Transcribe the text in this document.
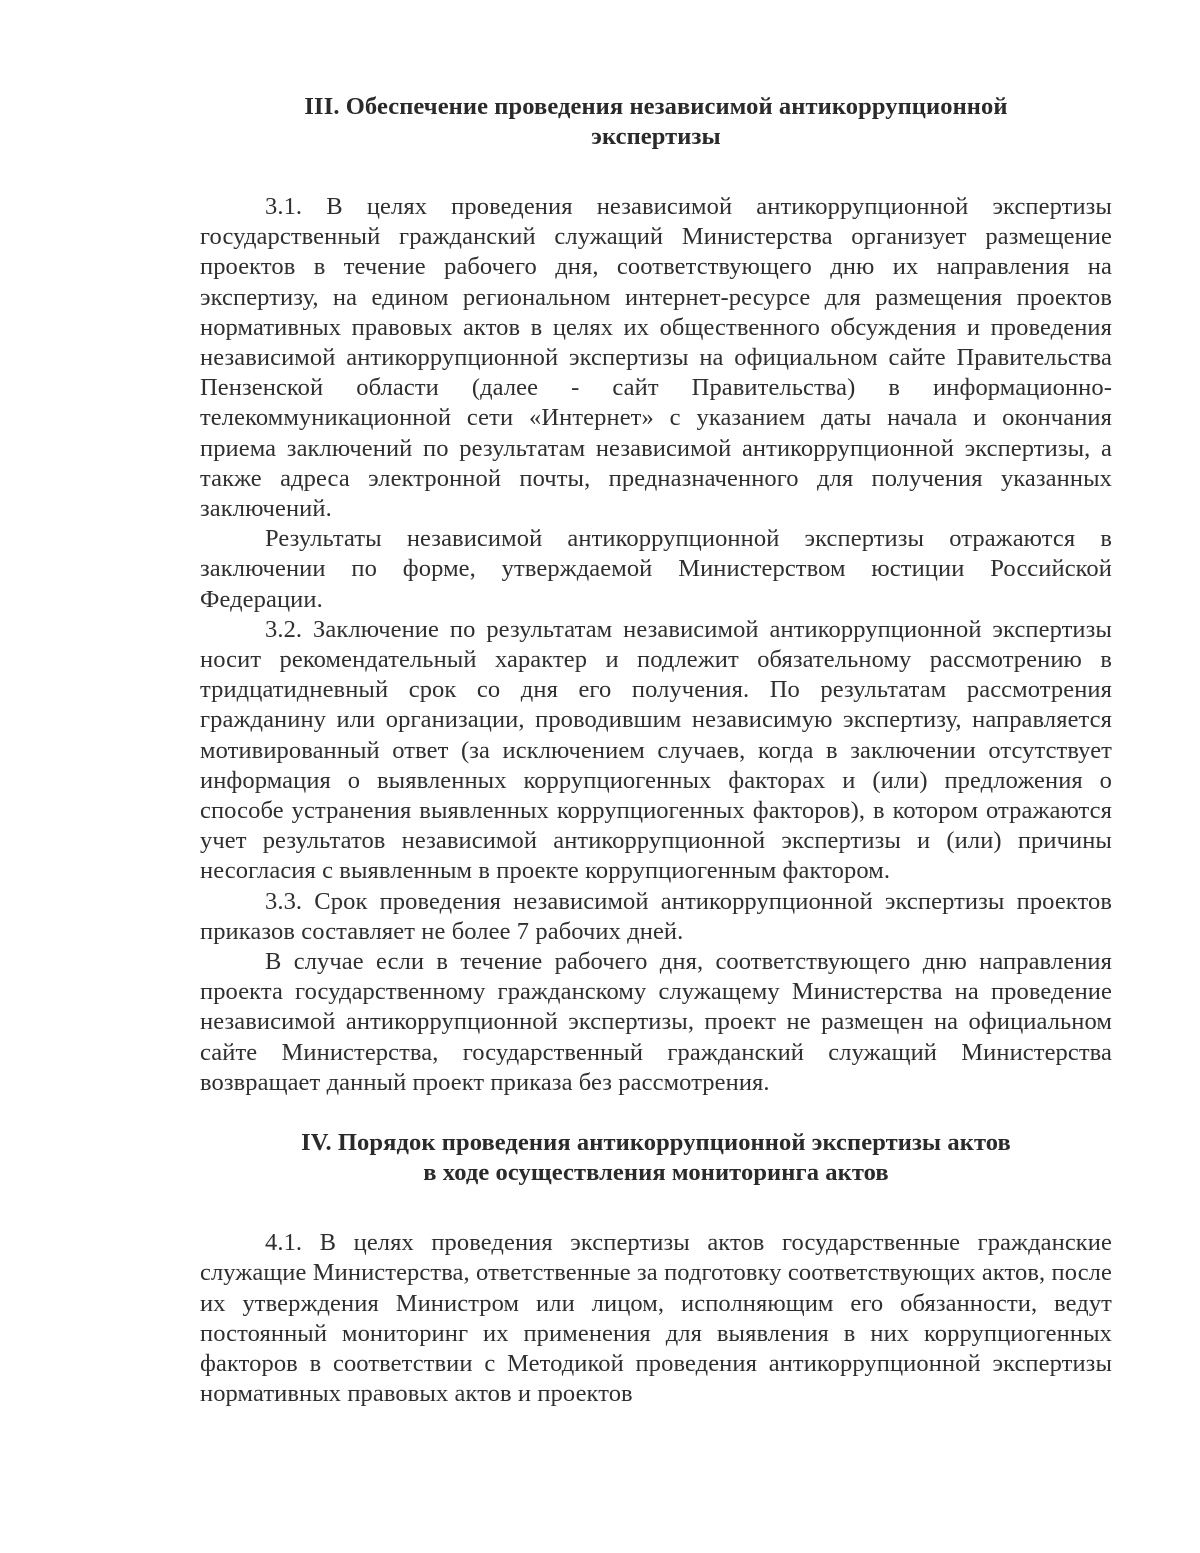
III. Обеспечение проведения независимой антикоррупционной
экспертизы

3.1. В целях проведения независимой антикоррупционной экспертизы государственный гражданский служащий Министерства организует размещение проектов в течение рабочего дня, соответствующего дню их направления на экспертизу, на едином региональном интернет-ресурсе для размещения проектов нормативных правовых актов в целях их общественного обсуждения и проведения независимой антикоррупционной экспертизы на официальном сайте Правительства Пензенской области (далее - сайт Правительства) в информационно-телекоммуникационной сети «Интернет» с указанием даты начала и окончания приема заключений по результатам независимой антикоррупционной экспертизы, а также адреса электронной почты, предназначенного для получения указанных заключений.

Результаты независимой антикоррупционной экспертизы отражаются в заключении по форме, утверждаемой Министерством юстиции Российской Федерации.

3.2. Заключение по результатам независимой антикоррупционной экспертизы носит рекомендательный характер и подлежит обязательному рассмотрению в тридцатидневный срок со дня его получения. По результатам рассмотрения гражданину или организации, проводившим независимую экспертизу, направляется мотивированный ответ (за исключением случаев, когда в заключении отсутствует информация о выявленных коррупциогенных факторах и (или) предложения о способе устранения выявленных коррупциогенных факторов), в котором отражаются учет результатов независимой антикоррупционной экспертизы и (или) причины несогласия с выявленным в проекте коррупциогенным фактором.

3.3. Срок проведения независимой антикоррупционной экспертизы проектов приказов составляет не более 7 рабочих дней.

В случае если в течение рабочего дня, соответствующего дню направления проекта государственному гражданскому служащему Министерства на проведение независимой антикоррупционной экспертизы, проект не размещен на официальном сайте Министерства, государственный гражданский служащий Министерства возвращает данный проект приказа без рассмотрения.

IV. Порядок проведения антикоррупционной экспертизы актов
в ходе осуществления мониторинга актов

4.1. В целях проведения экспертизы актов государственные гражданские служащие Министерства, ответственные за подготовку соответствующих актов, после их утверждения Министром или лицом, исполняющим его обязанности, ведут постоянный мониторинг их применения для выявления в них коррупциогенных факторов в соответствии с Методикой проведения антикоррупционной экспертизы нормативных правовых актов и проектов
